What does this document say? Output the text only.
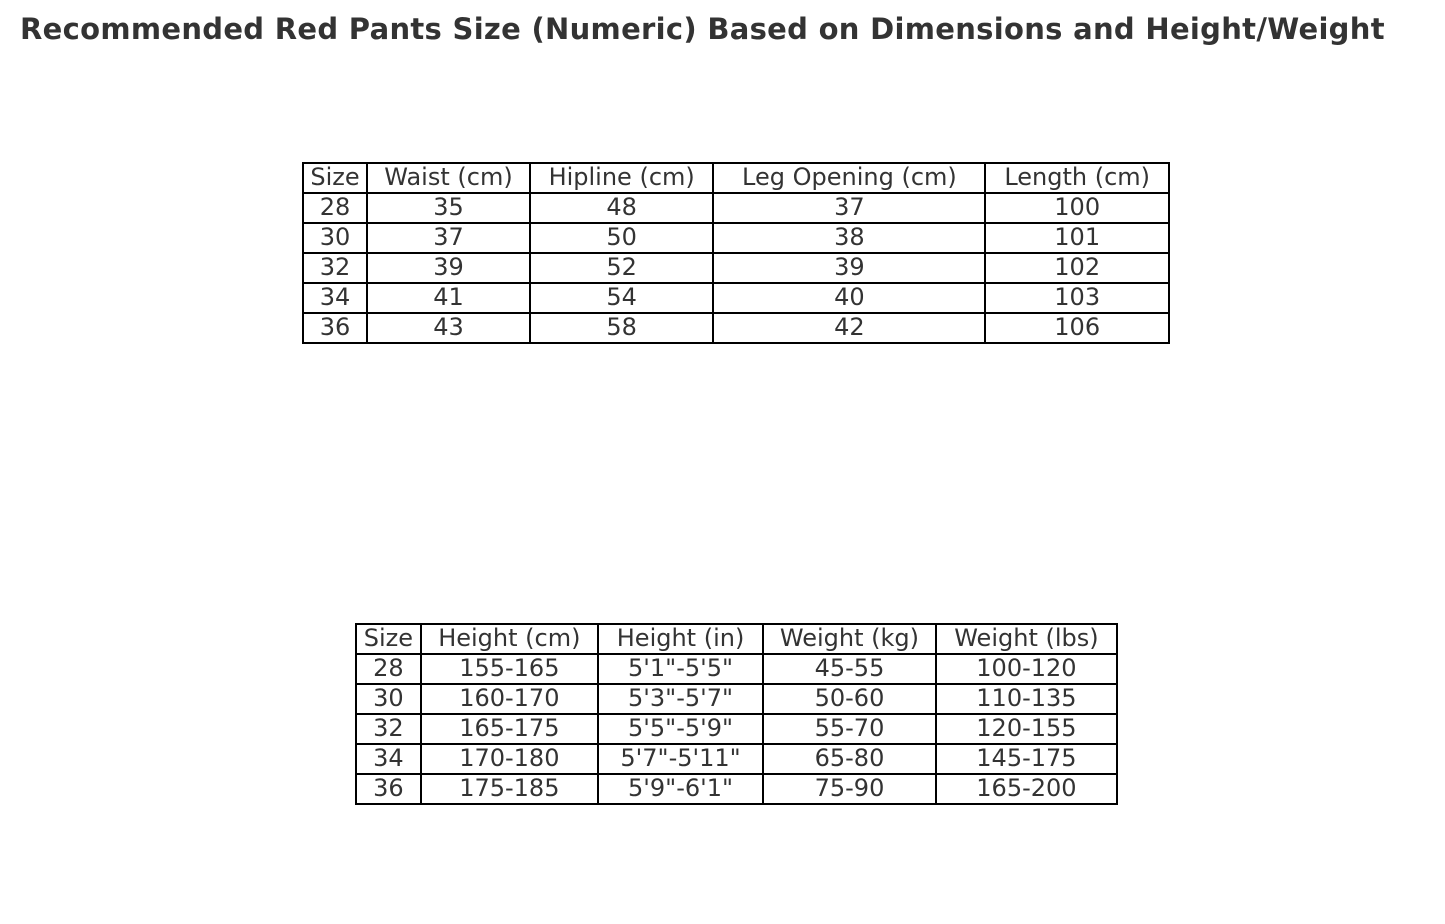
Recommended Red Pants Size (Numeric) Based on Dimensions and Height/Weight
Size	Waist (cm)	Hipline (cm)	Leg Opening (cm)	Length (cm)
28	35	48	37	100
30	37	50	38	101
32	39	52	39	102
34	41	54	40	103
36	43	58	42	106
Size	Height (cm)	Height (in)	Weight (kg)	Weight (lbs)
28	155-165	5'1"-5'5"	45-55	100-120
30	160-170	5'3"-5'7"	50-60	110-135
32	165-175	5'5"-5'9"	55-70	120-155
34	170-180	5'7"-5'11"	65-80	145-175
36	175-185	5'9"-6'1"	75-90	165-200
